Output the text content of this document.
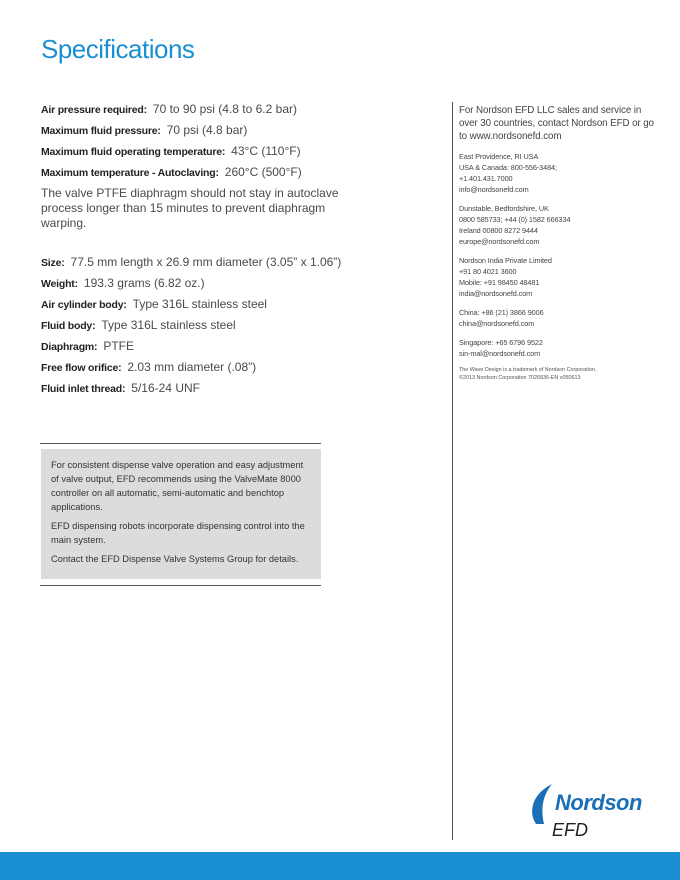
Specifications
Air pressure required: 70 to 90 psi (4.8 to 6.2 bar)
Maximum fluid pressure: 70 psi (4.8 bar)
Maximum fluid operating temperature: 43°C (110°F)
Maximum temperature - Autoclaving: 260°C (500°F)
The valve PTFE diaphragm should not stay in autoclave process longer than 15 minutes to prevent diaphragm warping.
Size: 77.5 mm length x 26.9 mm diameter (3.05” x 1.06”)
Weight: 193.3 grams (6.82 oz.)
Air cylinder body: Type 316L stainless steel
Fluid body: Type 316L stainless steel
Diaphragm: PTFE
Free flow orifice: 2.03 mm diameter (.08”)
Fluid inlet thread: 5/16-24 UNF

For consistent dispense valve operation and easy adjustment of valve output, EFD recommends using the ValveMate 8000 controller on all automatic, semi-automatic and benchtop applications.

EFD dispensing robots incorporate dispensing control into the main system.

Contact the EFD Dispense Valve Systems Group for details.

For Nordson EFD LLC sales and service in over 30 countries, contact Nordson EFD or go to www.nordsonefd.com
East Providence, RI USA
USA & Canada: 800-556-3484;
+1.401.431.7000
info@nordsonefd.com
Dunstable, Bedfordshire, UK
0800 585733; +44 (0) 1582 666334
Ireland 00800 8272 9444
europe@nordsonefd.com
Nordson India Private Limited
+91 80 4021 3600
Mobile: +91 98450 48481
india@nordsonefd.com
China: +86 (21) 3866 9006
china@nordsonefd.com
Singapore: +65 6796 9522
sin-mal@nordsonefd.com
The Wave Design is a trademark of Nordson Corporation.
©2013 Nordson Corporation 7026836-EN v050613
Nordson
EFD
